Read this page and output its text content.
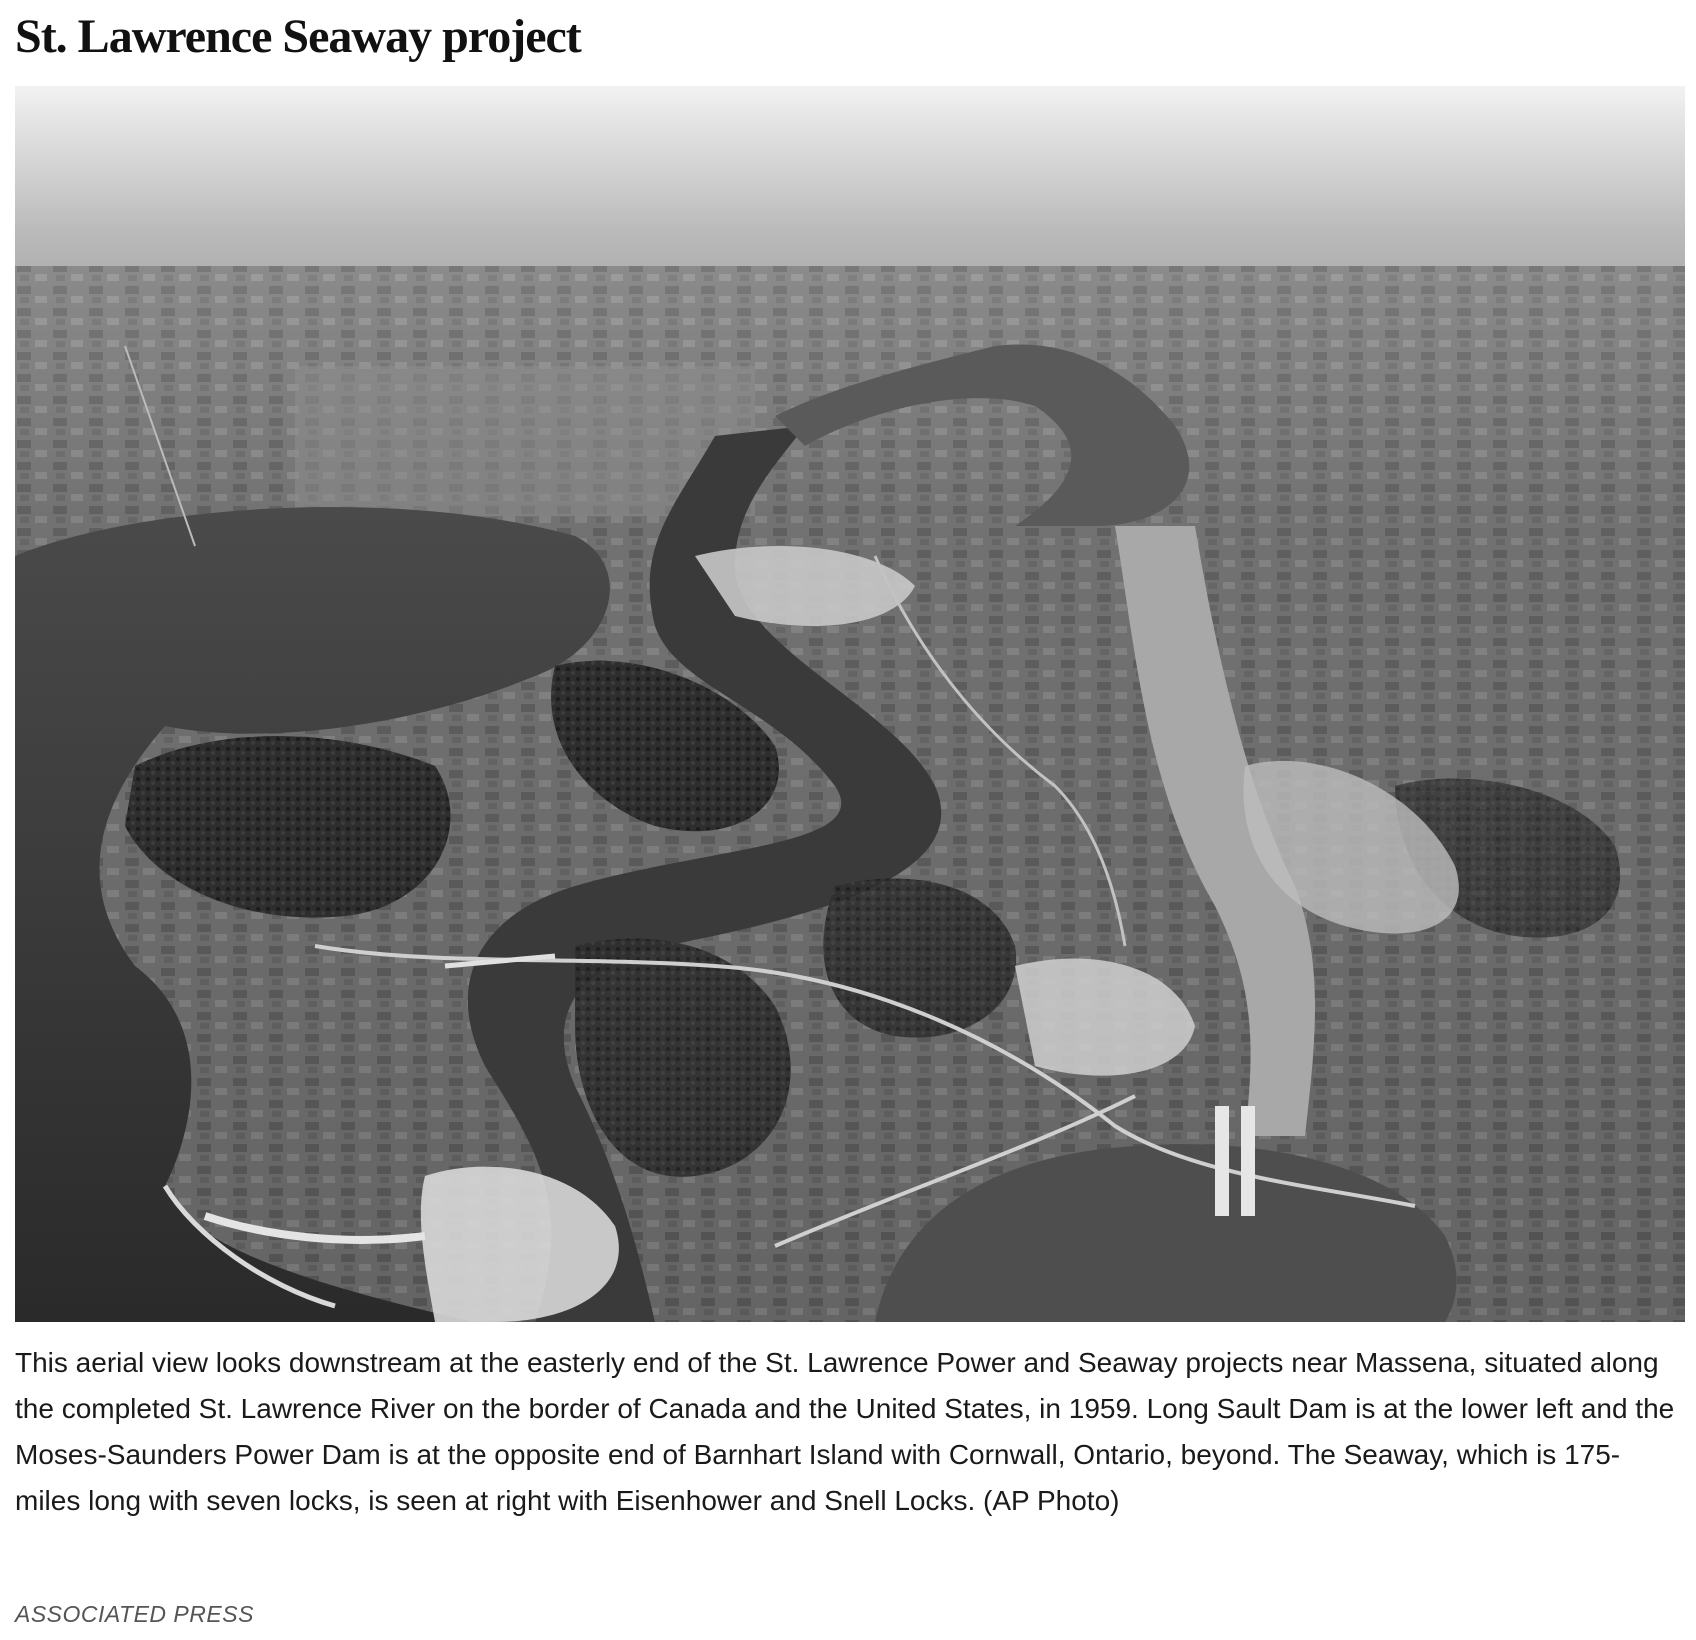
St. Lawrence Seaway project

This aerial view looks downstream at the easterly end of the St. Lawrence Power and Seaway projects near Massena, situated along the completed St. Lawrence River on the border of Canada and the United States, in 1959. Long Sault Dam is at the lower left and the Moses-Saunders Power Dam is at the opposite end of Barnhart Island with Cornwall, Ontario, beyond. The Seaway, which is 175-miles long with seven locks, is seen at right with Eisenhower and Snell Locks. (AP Photo)

ASSOCIATED PRESS
